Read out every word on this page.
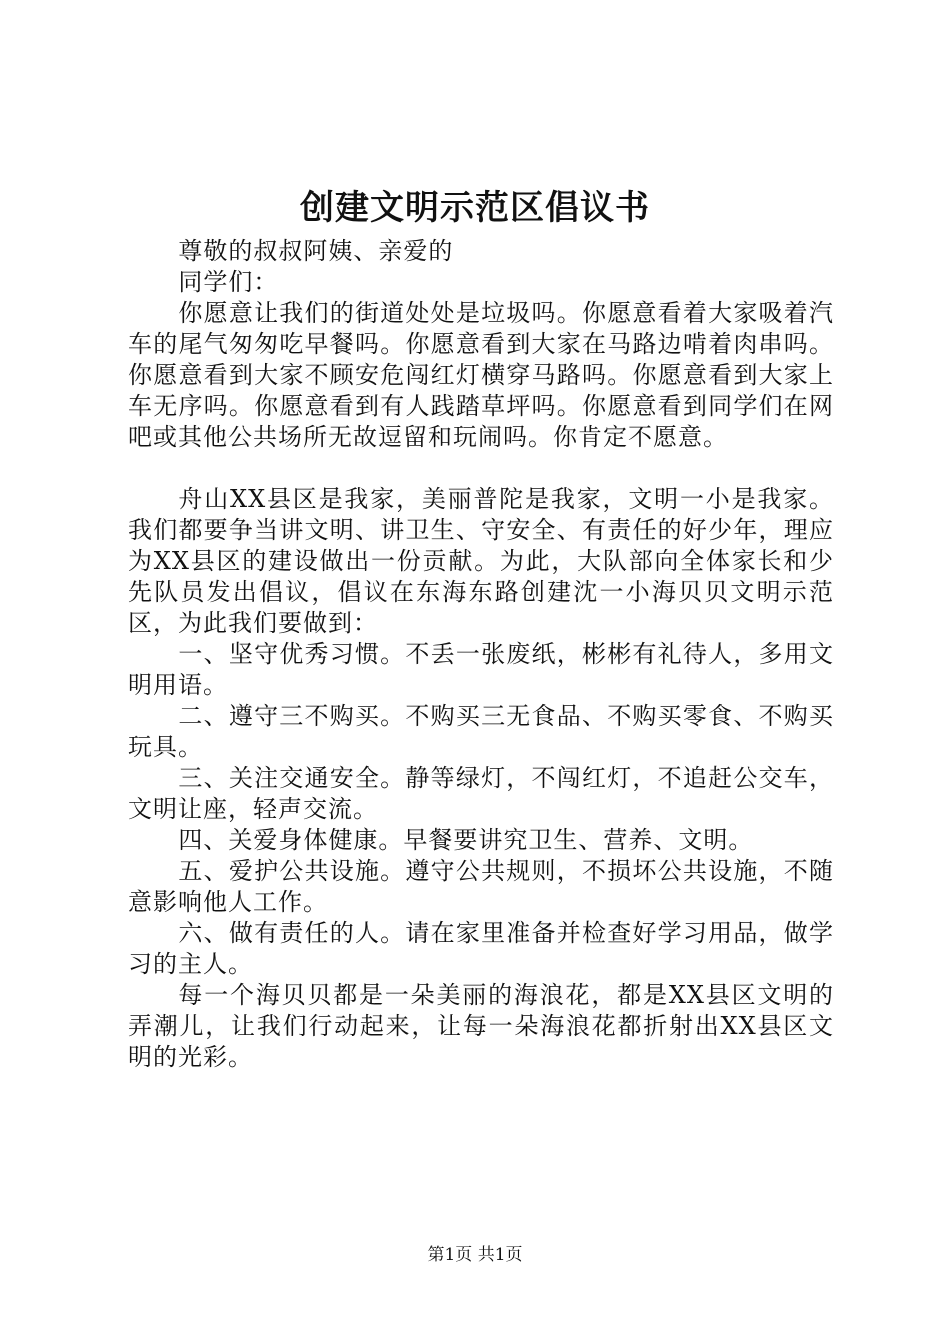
创建文明示范区倡议书

尊敬的叔叔阿姨、亲爱的

同学们：

你愿意让我们的街道处处是垃圾吗。你愿意看着大家吸着汽车的尾气匆匆吃早餐吗。你愿意看到大家在马路边啃着肉串吗。你愿意看到大家不顾安危闯红灯横穿马路吗。你愿意看到大家上车无序吗。你愿意看到有人践踏草坪吗。你愿意看到同学们在网吧或其他公共场所无故逗留和玩闹吗。你肯定不愿意。

舟山XX县区是我家，美丽普陀是我家，文明一小是我家。我们都要争当讲文明、讲卫生、守安全、有责任的好少年，理应为XX县区的建设做出一份贡献。为此，大队部向全体家长和少先队员发出倡议，倡议在东海东路创建沈一小海贝贝文明示范区，为此我们要做到：

一、坚守优秀习惯。不丢一张废纸，彬彬有礼待人，多用文明用语。

二、遵守三不购买。不购买三无食品、不购买零食、不购买玩具。

三、关注交通安全。静等绿灯，不闯红灯，不追赶公交车，文明让座，轻声交流。

四、关爱身体健康。早餐要讲究卫生、营养、文明。

五、爱护公共设施。遵守公共规则，不损坏公共设施，不随意影响他人工作。

六、做有责任的人。请在家里准备并检查好学习用品，做学习的主人。

每一个海贝贝都是一朵美丽的海浪花，都是XX县区文明的弄潮儿，让我们行动起来，让每一朵海浪花都折射出XX县区文明的光彩。

第1页 共1页
